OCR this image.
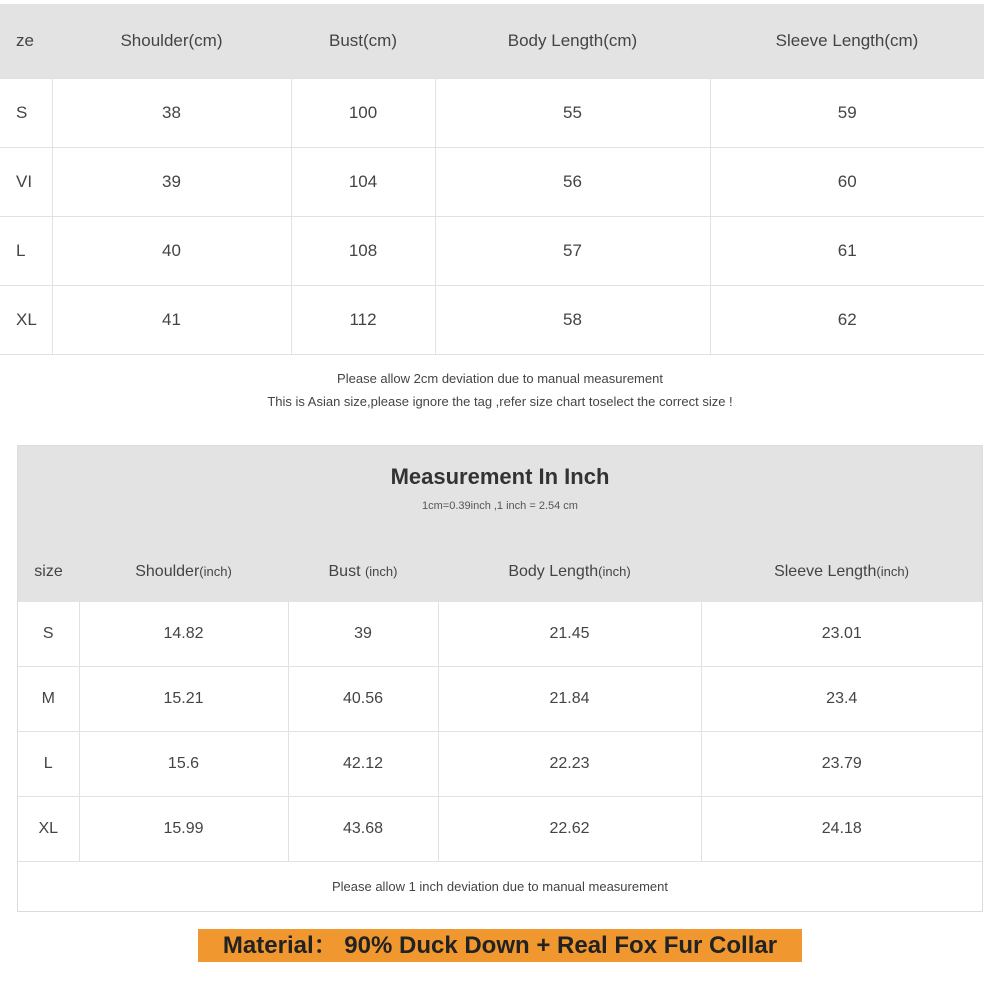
ze	Shoulder(cm)	Bust(cm)	Body Length(cm)	Sleeve Length(cm)
S	38	100	55	59
VI	39	104	56	60
L	40	108	57	61
XL	41	112	58	62
Please allow 2cm deviation due to manual measurement
This is Asian size,please ignore the tag ,refer size chart toselect the correct size !
Measurement In Inch
1cm=0.39inch ,1 inch = 2.54 cm
size	Shoulder(inch)	Bust (inch)	Body Length(inch)	Sleeve Length(inch)
S	14.82	39	21.45	23.01
M	15.21	40.56	21.84	23.4
L	15.6	42.12	22.23	23.79
XL	15.99	43.68	22.62	24.18
Please allow 1 inch deviation due to manual measurement
Material： 90% Duck Down + Real Fox Fur Collar
